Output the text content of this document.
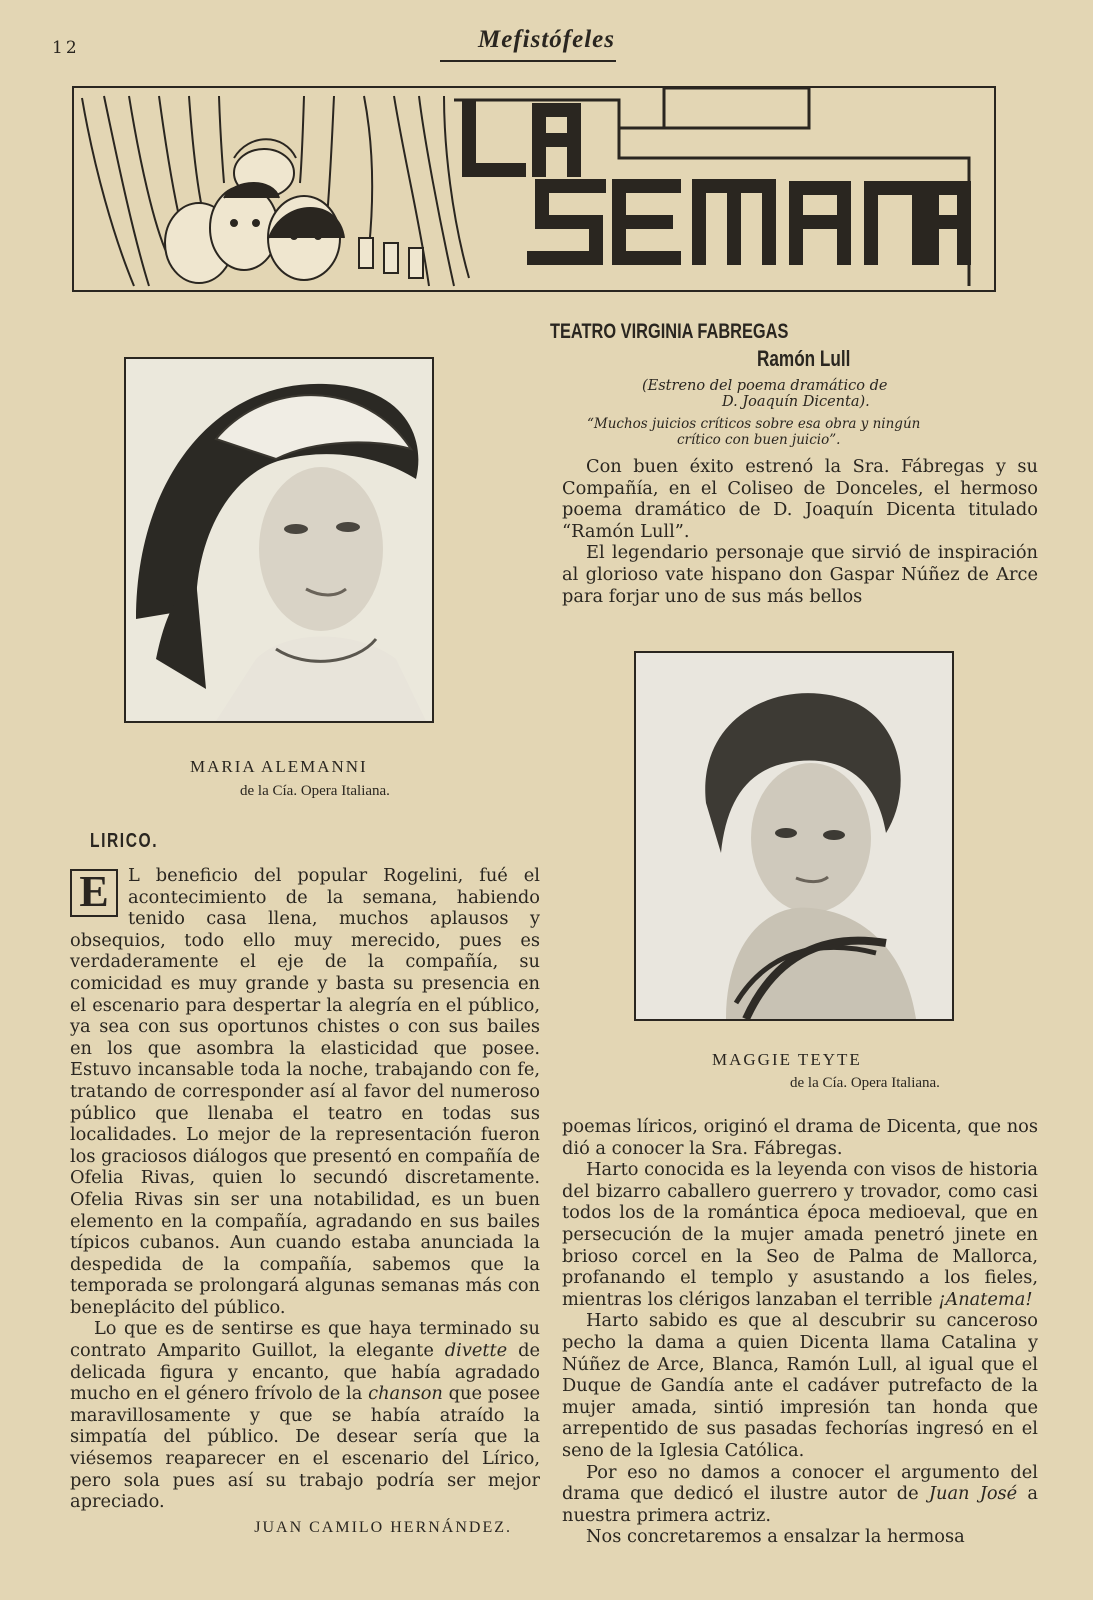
12	Mefistófeles
MARIA ALEMANNI
de la Cía. Opera Italiana.
MAGGIE TEYTE
de la Cía. Opera Italiana.
TEATRO VIRGINIA FABREGAS
Ramón Lull
(Estreno del poema dramático de
D. Joaquín Dicenta).
“Muchos juicios críticos sobre esa obra y ningún
crítico con buen juicio”.

Con buen éxito estrenó la Sra. Fábregas y su Compañía, en el Coliseo de Donceles, el hermoso poema dramático de D. Joaquín Dicenta titulado “Ramón Lull”.

El legendario personaje que sirvió de inspiración al glorioso vate hispano don Gaspar Núñez de Arce para forjar uno de sus más bellos

poemas líricos, originó el drama de Dicenta, que nos dió a conocer la Sra. Fábregas.

Harto conocida es la leyenda con visos de historia del bizarro caballero guerrero y trovador, como casi todos los de la romántica época medioeval, que en persecución de la mujer amada penetró jinete en brioso corcel en la Seo de Palma de Mallorca, profanando el templo y asustando a los fieles, mientras los clérigos lanzaban el terrible ¡Anatema!

Harto sabido es que al descubrir su canceroso pecho la dama a quien Dicenta llama Catalina y Núñez de Arce, Blanca, Ramón Lull, al igual que el Duque de Gandía ante el cadáver putrefacto de la mujer amada, sintió impresión tan honda que arrepentido de sus pasadas fechorías ingresó en el seno de la Iglesia Católica.

Por eso no damos a conocer el argumento del drama que dedicó el ilustre autor de Juan José a nuestra primera actriz.

Nos concretaremos a ensalzar la hermosa

LIRICO.

E	L beneficio del popular Rogelini, fué el acontecimiento de la semana, habiendo tenido casa llena, muchos aplausos y obsequios, todo ello muy merecido, pues es verdaderamente el eje de la compañía, su comicidad es muy grande y basta su presencia en el escenario para despertar la alegría en el público, ya sea con sus oportunos chistes o con sus bailes en los que asombra la elasticidad que posee. Estuvo incansable toda la noche, trabajando con fe, tratando de corresponder así al favor del numeroso público que llenaba el teatro en todas sus localidades. Lo mejor de la representación fueron los graciosos diálogos que presentó en compañía de Ofelia Rivas, quien lo secundó discretamente. Ofelia Rivas sin ser una notabilidad, es un buen elemento en la compañía, agradando en sus bailes típicos cubanos. Aun cuando estaba anunciada la despedida de la compañía, sabemos que la temporada se prolongará algunas semanas más con beneplácito del público.

Lo que es de sentirse es que haya terminado su contrato Amparito Guillot, la elegante divette de delicada figura y encanto, que había agradado mucho en el género frívolo de la chanson que posee maravillosamente y que se había atraído la simpatía del público. De desear sería que la viésemos reaparecer en el escenario del Lírico, pero sola pues así su trabajo podría ser mejor apreciado.

JUAN CAMILO HERNÁNDEZ.
